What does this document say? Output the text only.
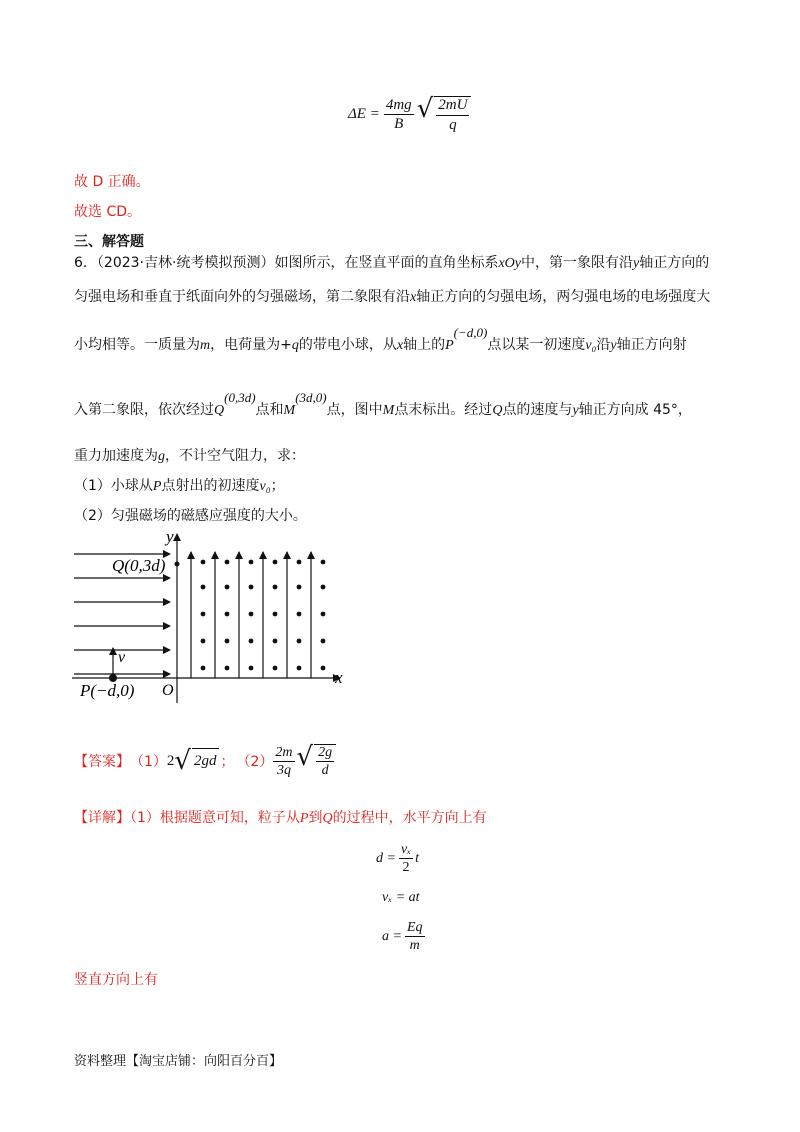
$\Delta E = \frac{4mg}{B}$ √ $\frac{2mU}{q}$
故 D 正确。
故选 CD。
三、解答题
6．（2023·吉林·统考模拟预测）如图所示，在竖直平面的直角坐标系xOy中，第一象限有沿y轴正方向的
匀强电场和垂直于纸面向外的匀强磁场，第二象限有沿x轴正方向的匀强电场，两匀强电场的电场强度大
小均相等。一质量为m，电荷量为+q的带电小球，从x轴上的P(−d,0)点以某一初速度v₀沿y轴正方向射
入第二象限，依次经过Q(0,3d)点和M(3d,0)点，图中M点末标出。经过Q点的速度与y轴正方向成 45°，
重力加速度为g，不计空气阻力，求：
（1）小球从P点射出的初速度v₀；
（2）匀强磁场的磁感应强度的大小。
x
y
O
Q(0,3d)
P(−d,0)
v
【答案】 （1） 2 √ 2gd ； $(2) \frac{2m}{3q}$ √ $\frac{2g}{d}$
【详解】（1）根据题意可知，粒子从P到Q的过程中，水平方向上有
$d = \frac{\text{vₓ}}{2}$ t
vₓ = at
$a = \frac{Eq}{m}$
竖直方向上有
资料整理【淘宝店铺：向阳百分百】
